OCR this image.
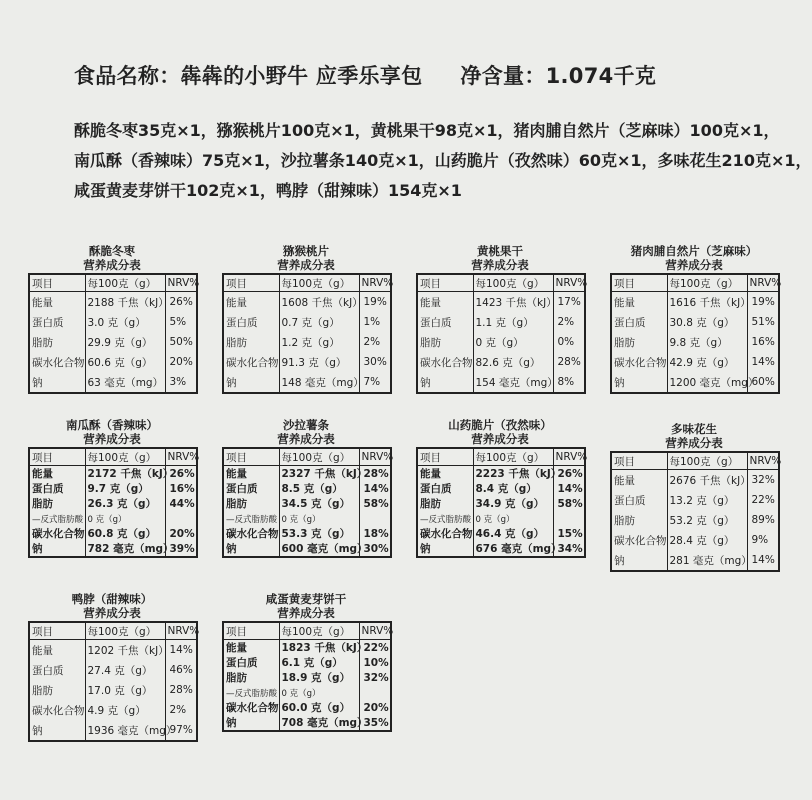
食品名称：犇犇的小野牛 应季乐享包 净含量：1.074千克
酥脆冬枣35克×1，猕猴桃片100克×1，黄桃果干98克×1，猪肉脯自然片（芝麻味）100克×1，
南瓜酥（香辣味）75克×1，沙拉薯条140克×1，山药脆片（孜然味）60克×1，多味花生210克×1，
咸蛋黄麦芽饼干102克×1，鸭脖（甜辣味）154克×1
酥脆冬枣
营养成分表
项目	每100克（g）	NRV%
能量	2188 千焦（kJ）	26%
蛋白质	3.0 克（g）	5%
脂肪	29.9 克（g）	50%
碳水化合物	60.6 克（g）	20%
钠	63 毫克（mg）	3%
猕猴桃片
营养成分表
项目	每100克（g）	NRV%
能量	1608 千焦（kJ）	19%
蛋白质	0.7 克（g）	1%
脂肪	1.2 克（g）	2%
碳水化合物	91.3 克（g）	30%
钠	148 毫克（mg）	7%
黄桃果干
营养成分表
项目	每100克（g）	NRV%
能量	1423 千焦（kJ）	17%
蛋白质	1.1 克（g）	2%
脂肪	0 克（g）	0%
碳水化合物	82.6 克（g）	28%
钠	154 毫克（mg）	8%
猪肉脯自然片（芝麻味）
营养成分表
项目	每100克（g）	NRV%
能量	1616 千焦（kJ）	19%
蛋白质	30.8 克（g）	51%
脂肪	9.8 克（g）	16%
碳水化合物	42.9 克（g）	14%
钠	1200 毫克（mg）	60%
南瓜酥（香辣味）
营养成分表
项目	每100克（g）	NRV%
能量	2172 千焦（kJ）	26%
蛋白质	9.7 克（g）	16%
脂肪	26.3 克（g）	44%
—反式脂肪酸	0 克（g）	
碳水化合物	60.8 克（g）	20%
钠	782 毫克（mg）	39%
沙拉薯条
营养成分表
项目	每100克（g）	NRV%
能量	2327 千焦（kJ）	28%
蛋白质	8.5 克（g）	14%
脂肪	34.5 克（g）	58%
—反式脂肪酸	0 克（g）	
碳水化合物	53.3 克（g）	18%
钠	600 毫克（mg）	30%
山药脆片（孜然味）
营养成分表
项目	每100克（g）	NRV%
能量	2223 千焦（kJ）	26%
蛋白质	8.4 克（g）	14%
脂肪	34.9 克（g）	58%
—反式脂肪酸	0 克（g）	
碳水化合物	46.4 克（g）	15%
钠	676 毫克（mg）	34%
多味花生
营养成分表
项目	每100克（g）	NRV%
能量	2676 千焦（kJ）	32%
蛋白质	13.2 克（g）	22%
脂肪	53.2 克（g）	89%
碳水化合物	28.4 克（g）	9%
钠	281 毫克（mg）	14%
鸭脖（甜辣味）
营养成分表
项目	每100克（g）	NRV%
能量	1202 千焦（kJ）	14%
蛋白质	27.4 克（g）	46%
脂肪	17.0 克（g）	28%
碳水化合物	4.9 克（g）	2%
钠	1936 毫克（mg）	97%
咸蛋黄麦芽饼干
营养成分表
项目	每100克（g）	NRV%
能量	1823 千焦（kJ）	22%
蛋白质	6.1 克（g）	10%
脂肪	18.9 克（g）	32%
—反式脂肪酸	0 克（g）	
碳水化合物	60.0 克（g）	20%
钠	708 毫克（mg）	35%
